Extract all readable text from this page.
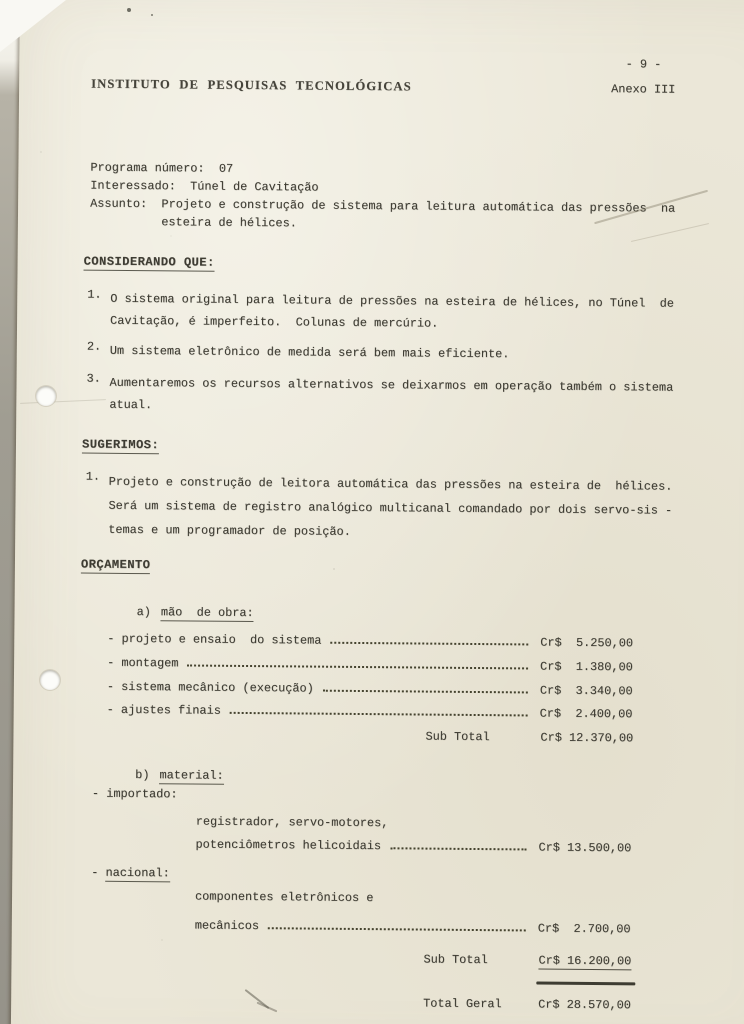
INSTITUTO  DE  PESQUISAS  TECNOLÓGICAS
- 9 -
Anexo III
Programa número:  07
Interessado:  Túnel de Cavitação
Assunto:  Projeto e construção de sistema para leitura automática das pressões  na
esteira de hélices.
CONSIDERANDO QUE:
1. O sistema original para leitura de pressões na esteira de hélices, no Túnel  de
Cavitação, é imperfeito.  Colunas de mercúrio.
2. Um sistema eletrônico de medida será bem mais eficiente.
3. Aumentaremos os recursos alternativos se deixarmos em operação também o sistema
atual.
SUGERIMOS:
1. Projeto e construção de leitora automática das pressões na esteira de  hélices.
Será um sistema de registro analógico multicanal comandado por dois servo-sis -
temas e um programador de posição.
ORÇAMENTO

a) mão  de obra:

- projeto e ensaio  do sistema	Cr$  5.250,00
- montagem	Cr$  1.380,00
- sistema mecânico (execução)	Cr$  3.340,00
- ajustes finais	Cr$  2.400,00
Sub Total	Cr$ 12.370,00

b) material:

- importado:
registrador, servo-motores,
potenciômetros helicoidais	Cr$ 13.500,00
- nacional:
componentes eletrônicos e
mecânicos	Cr$  2.700,00
Sub Total	Cr$ 16.200,00
Total Geral	Cr$ 28.570,00
